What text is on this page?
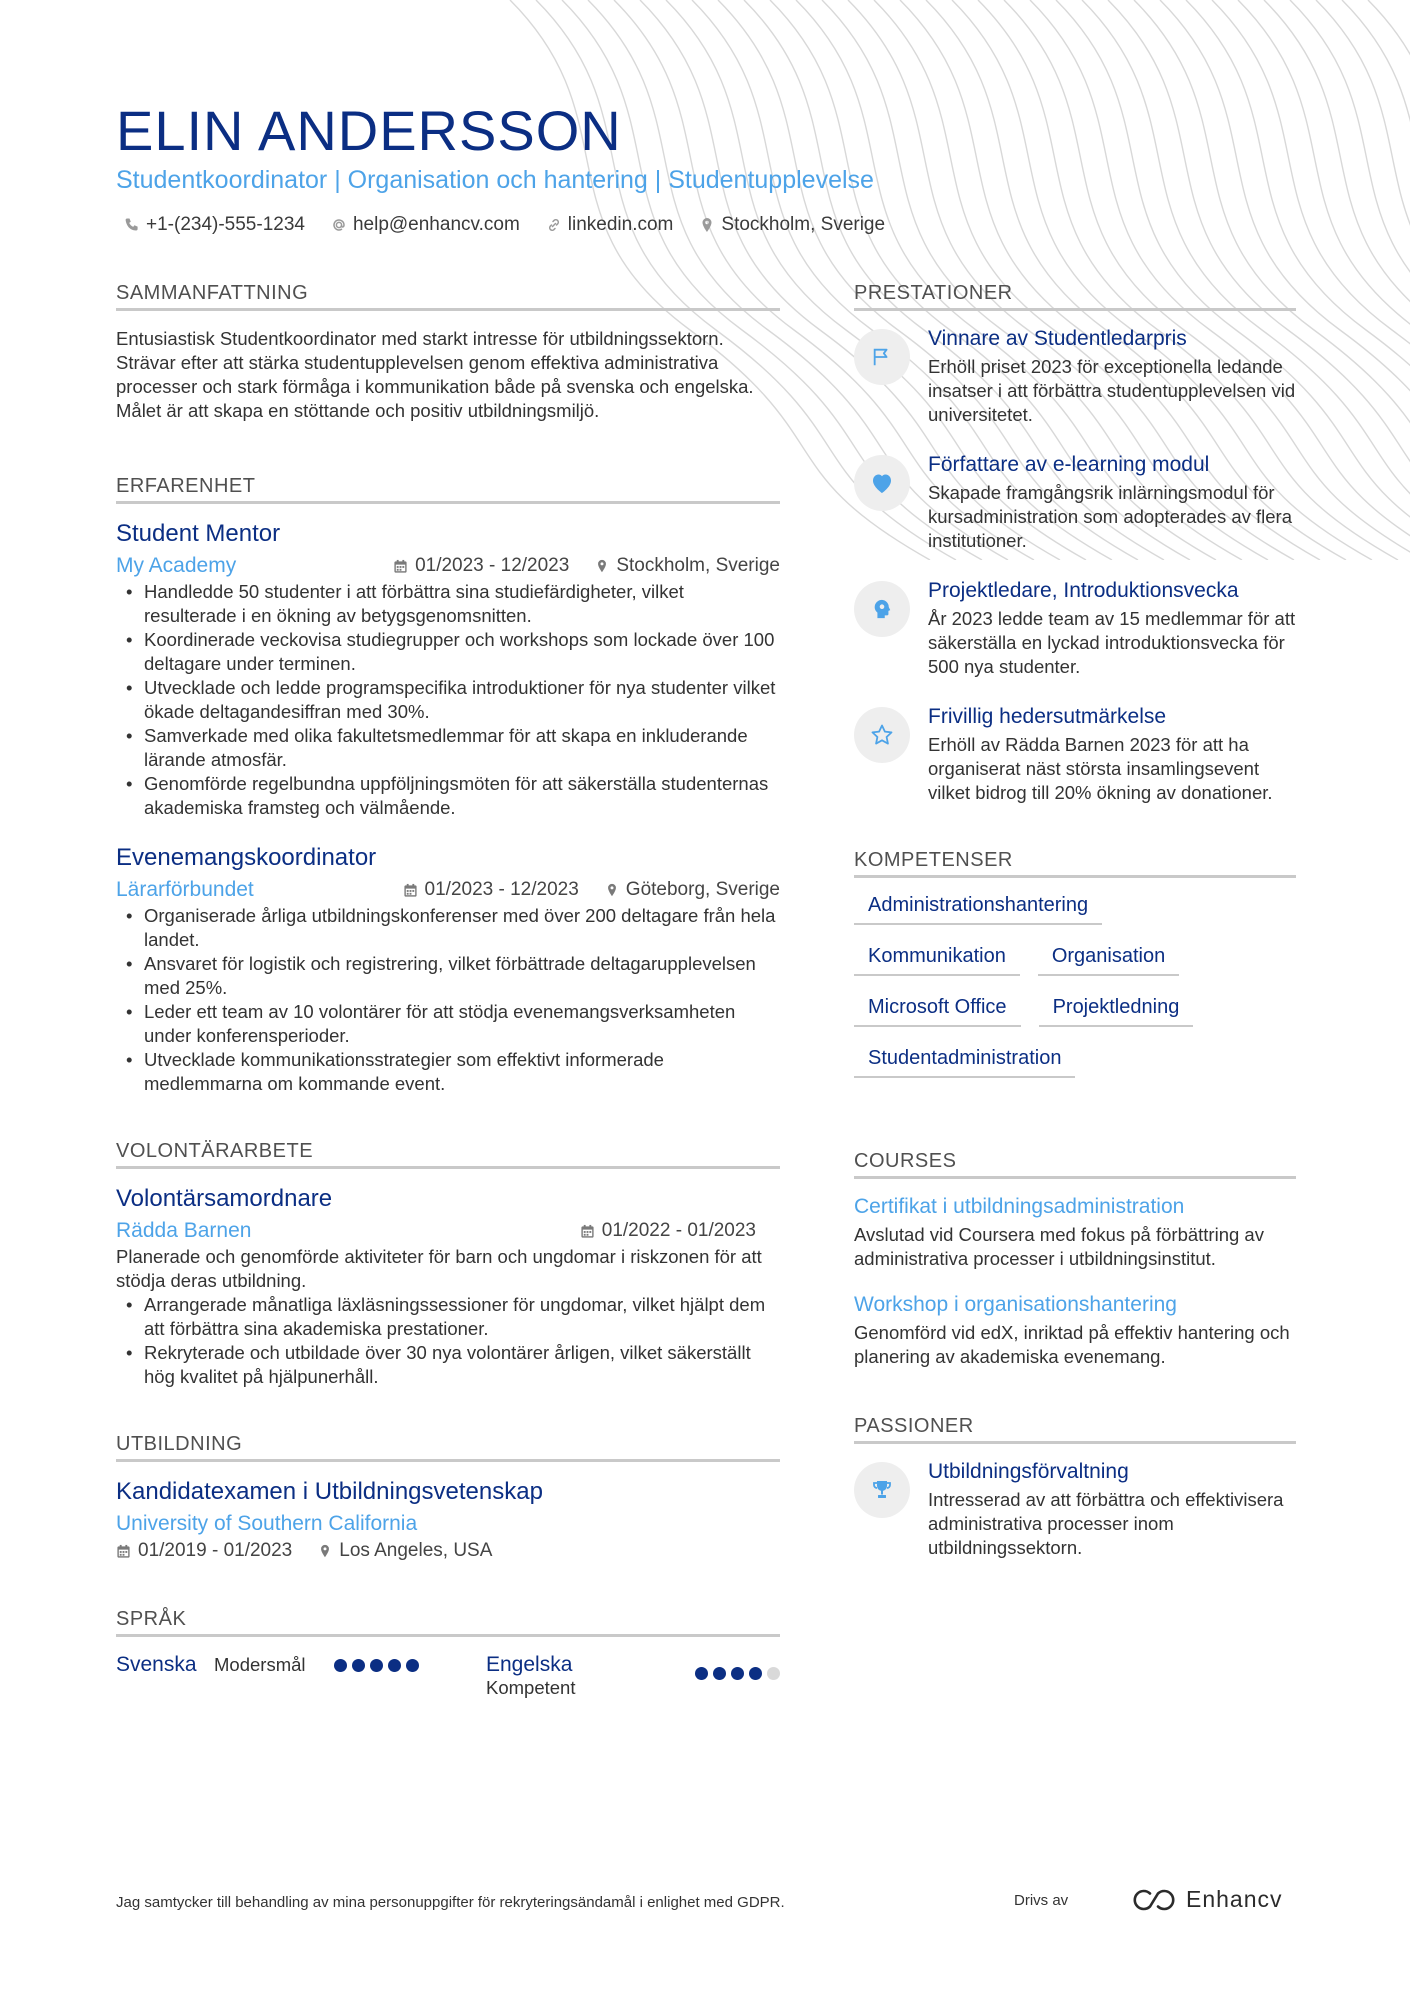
ELIN ANDERSSON
Studentkoordinator | Organisation och hantering | Studentupplevelse
+1-(234)-555-1234	help@enhancv.com	linkedin.com	Stockholm, Sverige
SAMMANFATTNING

Entusiastisk Studentkoordinator med starkt intresse för utbildningssektorn. Strävar efter att stärka studentupplevelsen genom effektiva administrativa processer och stark förmåga i kommunikation både på svenska och engelska. Målet är att skapa en stöttande och positiv utbildningsmiljö.

ERFARENHET
Student Mentor
My Academy	01/2023 - 12/2023 Stockholm, Sverige
• Handledde 50 studenter i att förbättra sina studiefärdigheter, vilket resulterade i en ökning av betygsgenomsnitten.
• Koordinerade veckovisa studiegrupper och workshops som lockade över 100 deltagare under terminen.
• Utvecklade och ledde programspecifika introduktioner för nya studenter vilket ökade deltagandesiffran med 30%.
• Samverkade med olika fakultetsmedlemmar för att skapa en inkluderande lärande atmosfär.
• Genomförde regelbundna uppföljningsmöten för att säkerställa studenternas akademiska framsteg och välmående.
Evenemangskoordinator
Lärarförbundet	01/2023 - 12/2023 Göteborg, Sverige
• Organiserade årliga utbildningskonferenser med över 200 deltagare från hela landet.
• Ansvaret för logistik och registrering, vilket förbättrade deltagarupplevelsen med 25%.
• Leder ett team av 10 volontärer för att stödja evenemangsverksamheten under konferensperioder.
• Utvecklade kommunikationsstrategier som effektivt informerade medlemmarna om kommande event.
VOLONTÄRARBETE
Volontärsamordnare
Rädda Barnen	01/2022 - 01/2023

Planerade och genomförde aktiviteter för barn och ungdomar i riskzonen för att stödja deras utbildning.

• Arrangerade månatliga läxläsningssessioner för ungdomar, vilket hjälpt dem att förbättra sina akademiska prestationer.
• Rekryterade och utbildade över 30 nya volontärer årligen, vilket säkerställt hög kvalitet på hjälpunerhåll.
UTBILDNING
Kandidatexamen i Utbildningsvetenskap
University of Southern California
01/2019 - 01/2023 Los Angeles, USA
SPRÅK
Svenska Modersmål	Engelska
Kompetent
PRESTATIONER
Vinnare av Studentledarpris

Erhöll priset 2023 för exceptionella ledande insatser i att förbättra studentupplevelsen vid universitetet.

Författare av e-learning modul

Skapade framgångsrik inlärningsmodul för kursadministration som adopterades av flera institutioner.

Projektledare, Introduktionsvecka

År 2023 ledde team av 15 medlemmar för att säkerställa en lyckad introduktionsvecka för 500 nya studenter.

Frivillig hedersutmärkelse

Erhöll av Rädda Barnen 2023 för att ha organiserat näst största insamlingsevent vilket bidrog till 20% ökning av donationer.

KOMPETENSER
Administrationshantering
Kommunikation	Organisation
Microsoft Office	Projektledning
Studentadministration
COURSES
Certifikat i utbildningsadministration

Avslutad vid Coursera med fokus på förbättring av administrativa processer i utbildningsinstitut.

Workshop i organisationshantering

Genomförd vid edX, inriktad på effektiv hantering och planering av akademiska evenemang.

PASSIONER
Utbildningsförvaltning

Intresserad av att förbättra och effektivisera administrativa processer inom utbildningssektorn.

Jag samtycker till behandling av mina personuppgifter för rekryteringsändamål i enlighet med GDPR.	Drivs av	Enhancv
